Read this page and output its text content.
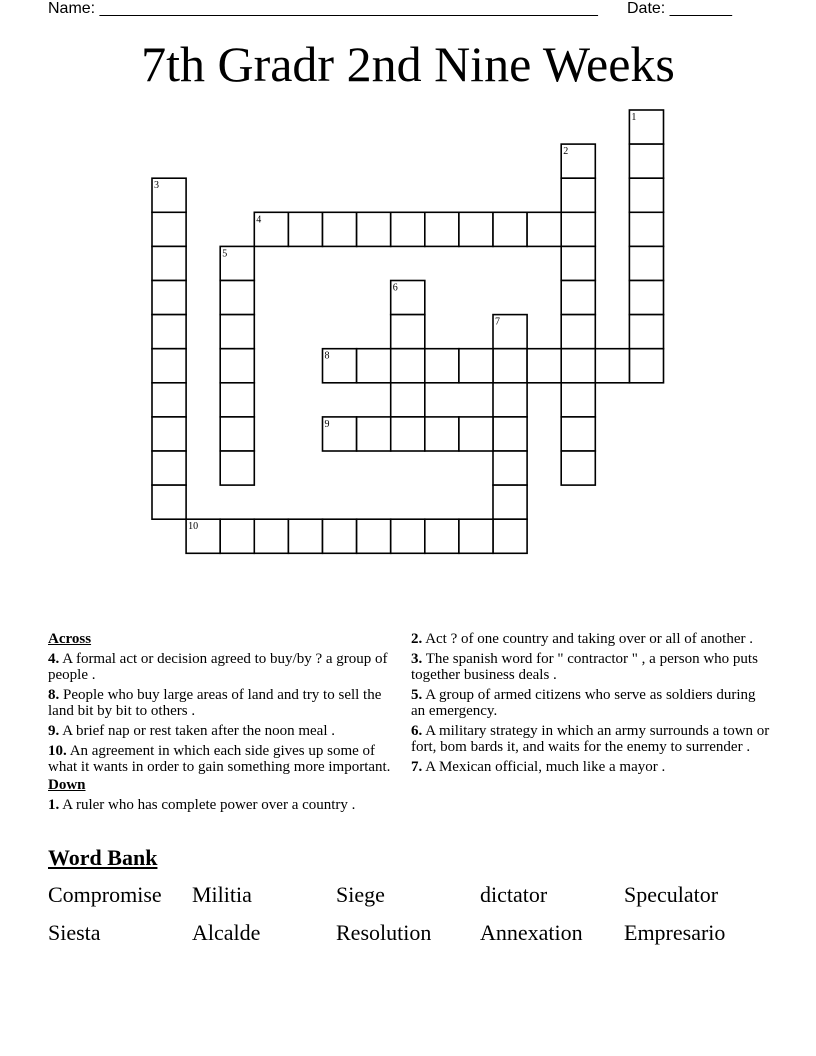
Name: ________________________________________________________ Date: _______
7th Gradr 2nd Nine Weeks
1
2
3
4
5
6
7
8
9
10
Across
4. A formal act or decision agreed to buy/by ? a group of people .
8. People who buy large areas of land and try to sell the land bit by bit to others .
9. A brief nap or rest taken after the noon meal .
10. An agreement in which each side gives up some of what it wants in order to gain something more important.
Down
1. A ruler who has complete power over a country .
2. Act ? of one country and taking over or all of another .
3. The spanish word for " contractor " , a person who puts together business deals .
5. A group of armed citizens who serve as soldiers during an emergency.
6. A military strategy in which an army surrounds a town or fort, bom bards it, and waits for the enemy to surrender .
7. A Mexican official, much like a mayor .
Word Bank
Compromise	Militia	Siege	dictator	Speculator
Siesta	Alcalde	Resolution	Annexation	Empresario
